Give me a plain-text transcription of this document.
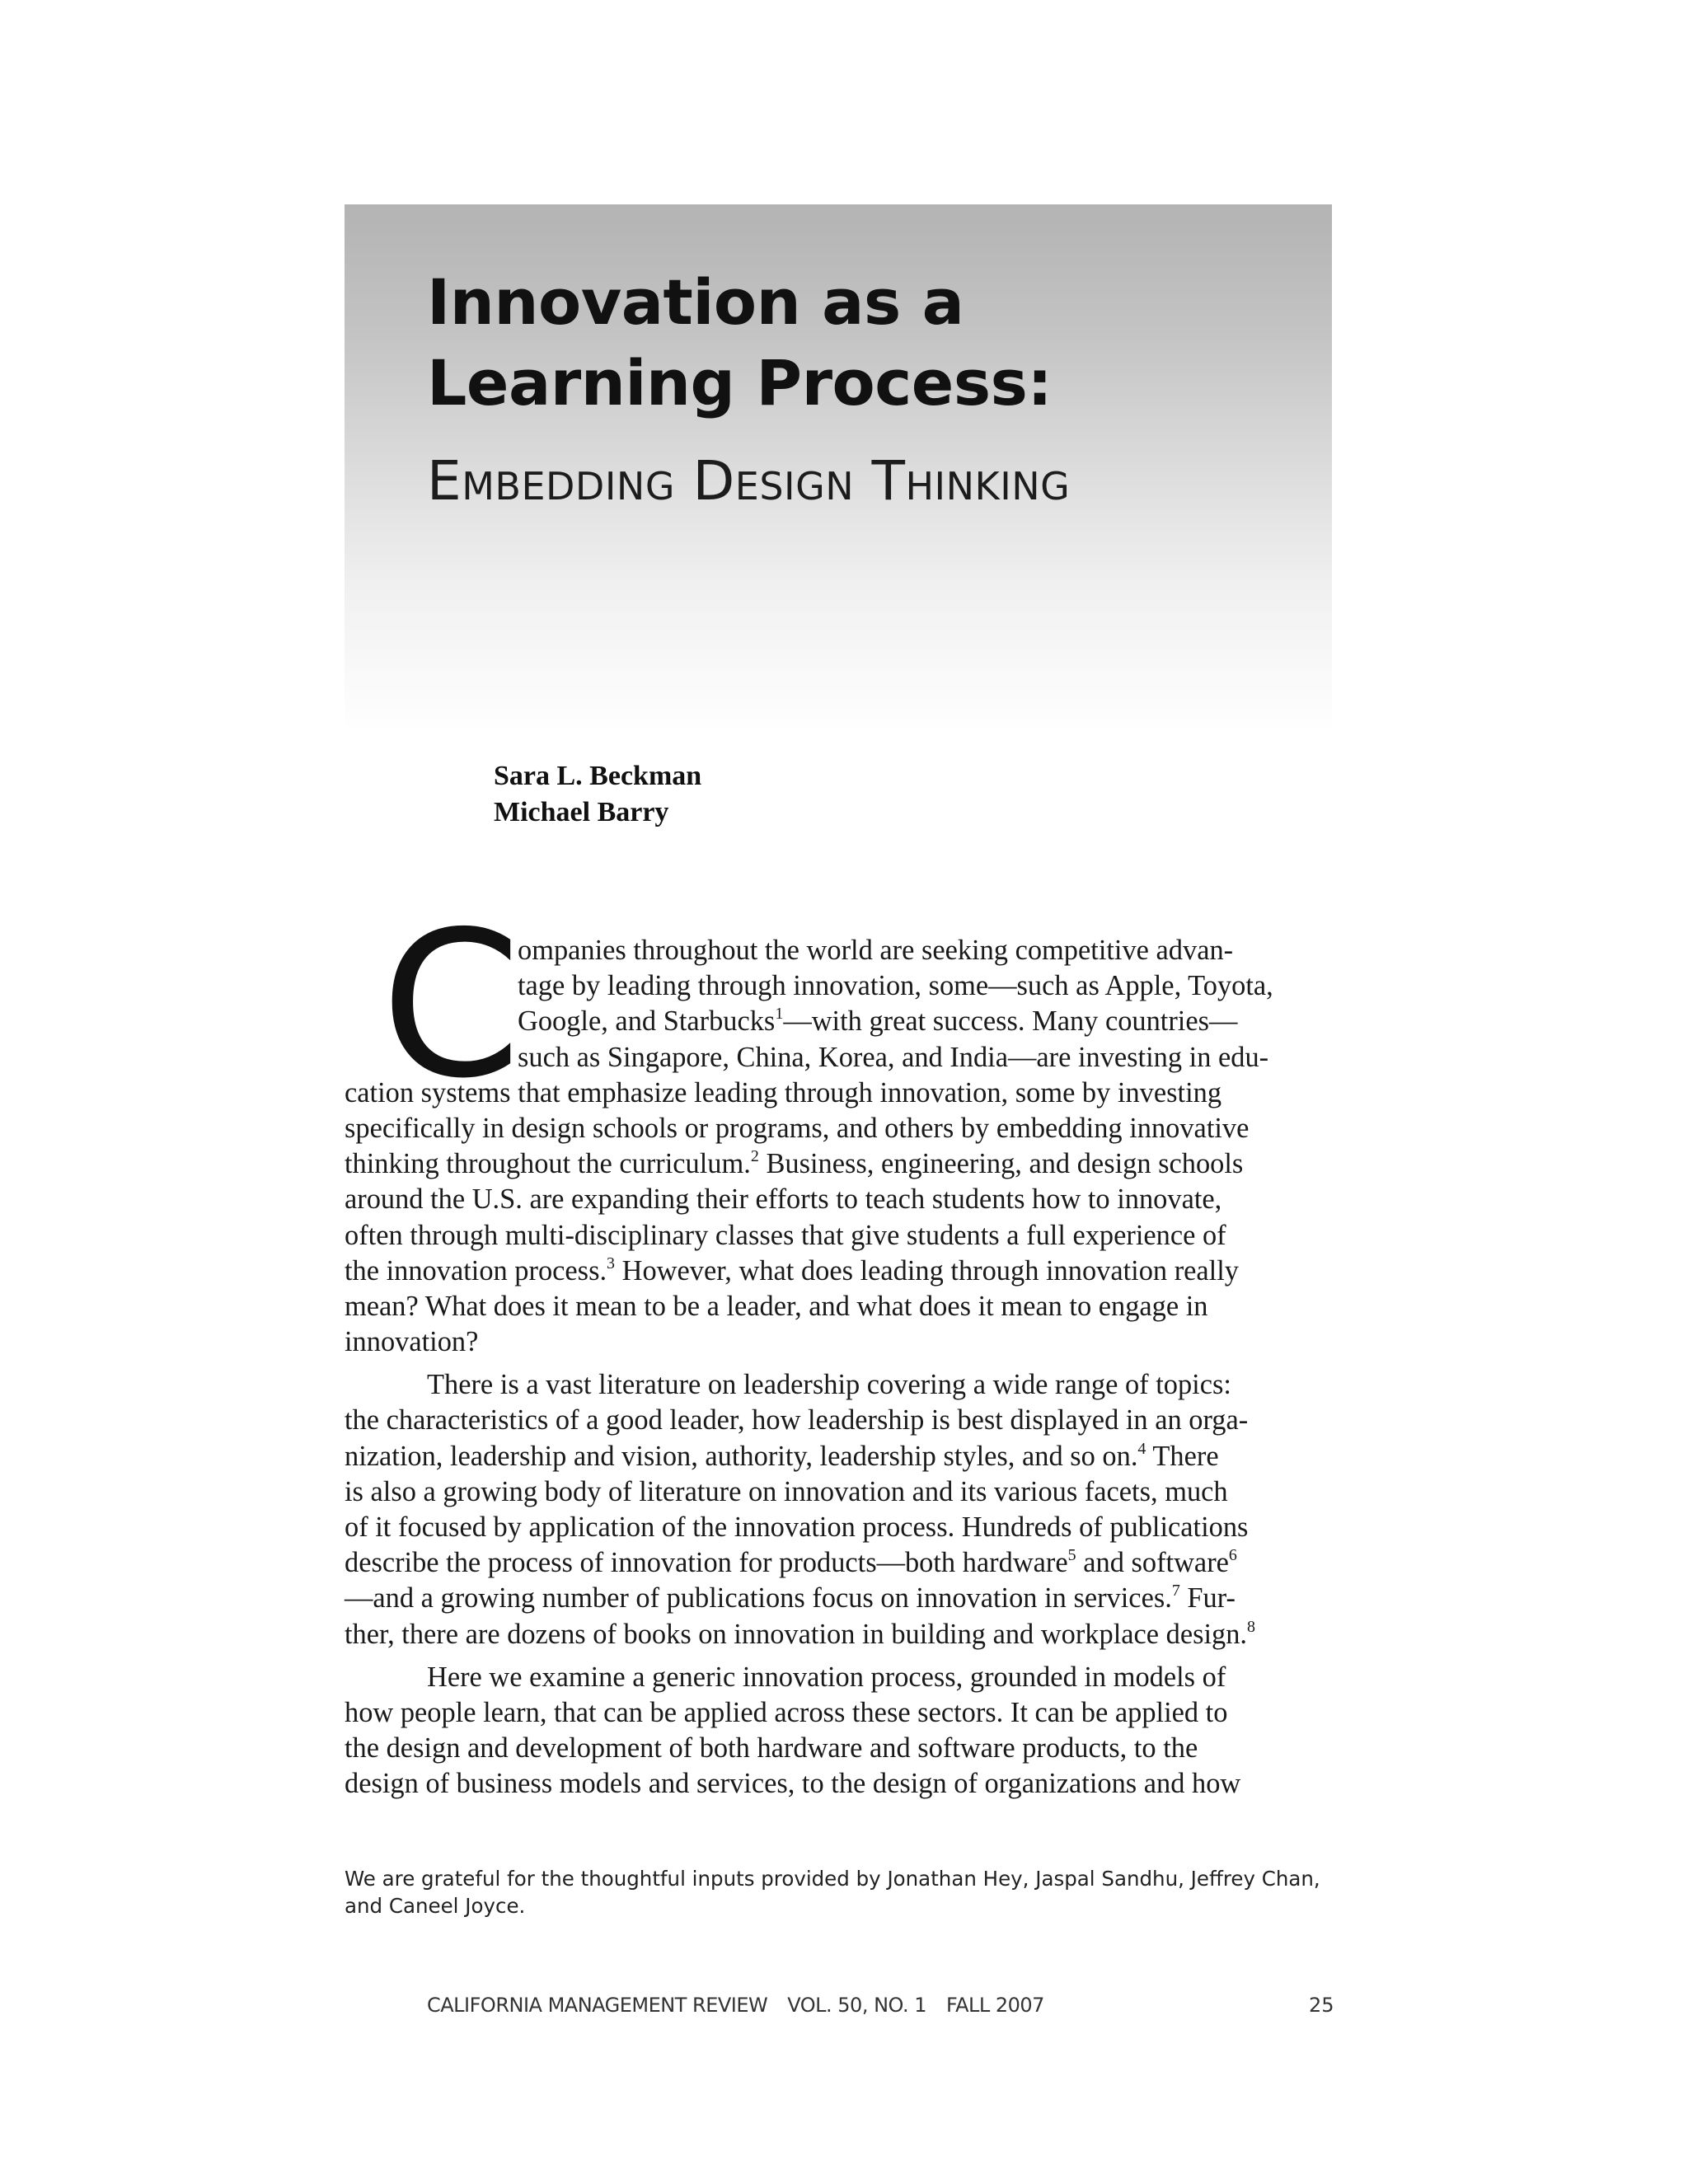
Innovation as a
Learning Process:
Embedding Design Thinking
Sara L. Beckman
Michael Barry
C
ompanies throughout the world are seeking competitive advan-
tage by leading through innovation, some—such as Apple, Toyota,
Google, and Starbucks$^1$—with great success. Many countries—
such as Singapore, China, Korea, and India—are investing in edu-
cation systems that emphasize leading through innovation, some by investing
specifically in design schools or programs, and others by embedding innovative
thinking throughout the curriculum.$^2$ Business, engineering, and design schools
around the U.S. are expanding their efforts to teach students how to innovate,
often through multi-disciplinary classes that give students a full experience of
the innovation process.$^3$ However, what does leading through innovation really
mean? What does it mean to be a leader, and what does it mean to engage in
innovation?
There is a vast literature on leadership covering a wide range of topics:
the characteristics of a good leader, how leadership is best displayed in an orga-
nization, leadership and vision, authority, leadership styles, and so on.$^4$ There
is also a growing body of literature on innovation and its various facets, much
of it focused by application of the innovation process. Hundreds of publications
describe the process of innovation for products—both hardware$^5$ and software$^6$
—and a growing number of publications focus on innovation in services.$^7$ Fur-
ther, there are dozens of books on innovation in building and workplace design.$^8$
Here we examine a generic innovation process, grounded in models of
how people learn, that can be applied across these sectors. It can be applied to
the design and development of both hardware and software products, to the
design of business models and services, to the design of organizations and how
We are grateful for the thoughtful inputs provided by Jonathan Hey, Jaspal Sandhu, Jeffrey Chan,
and Caneel Joyce.
CALIFORNIA MANAGEMENT REVIEW VOL. 50, NO. 1 FALL 2007	25
